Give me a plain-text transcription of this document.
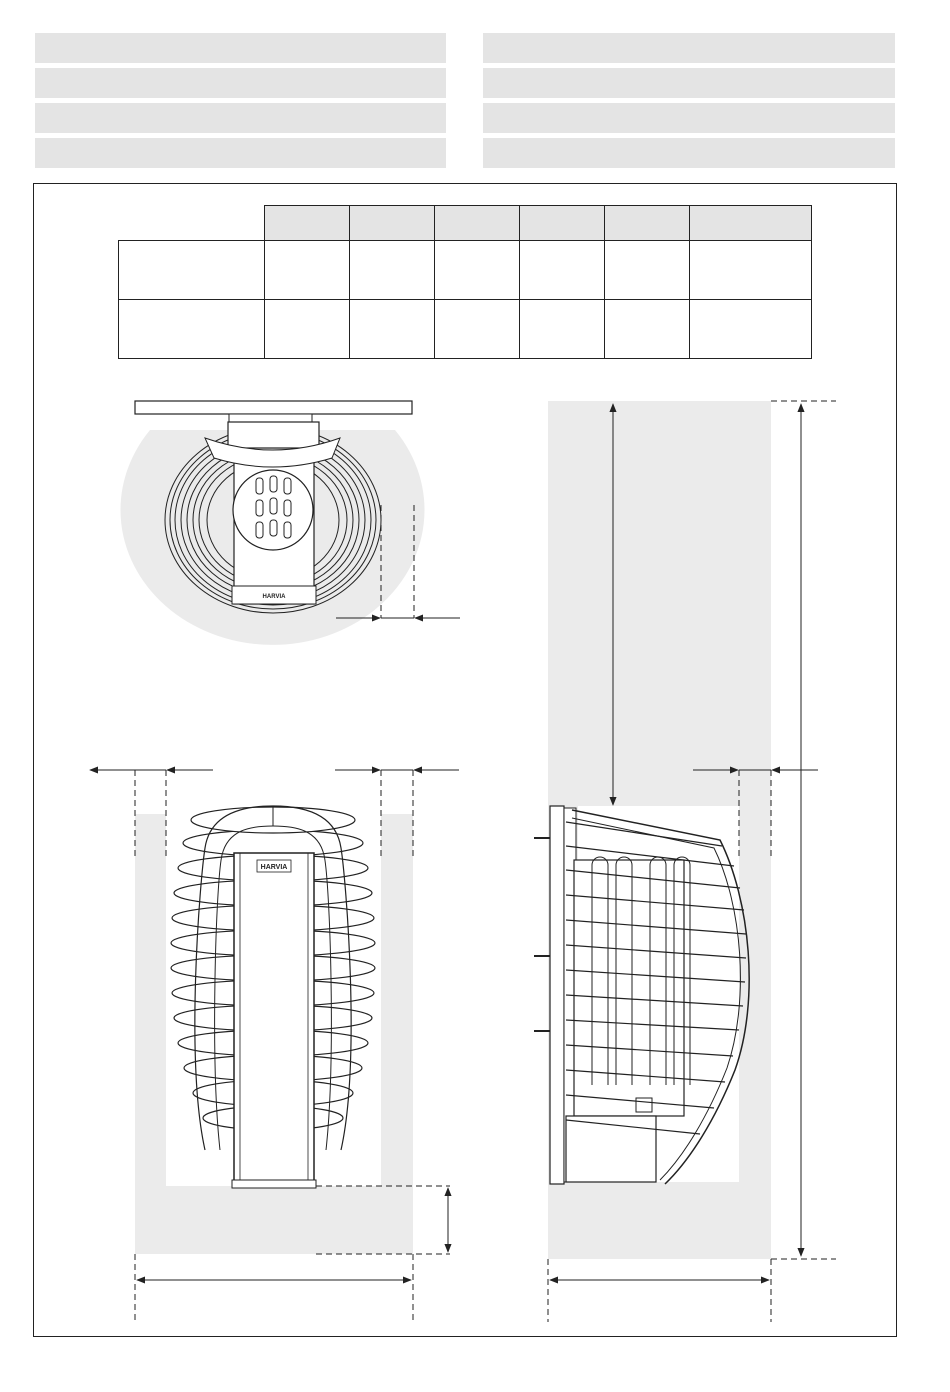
HARVIA
HARVIA
